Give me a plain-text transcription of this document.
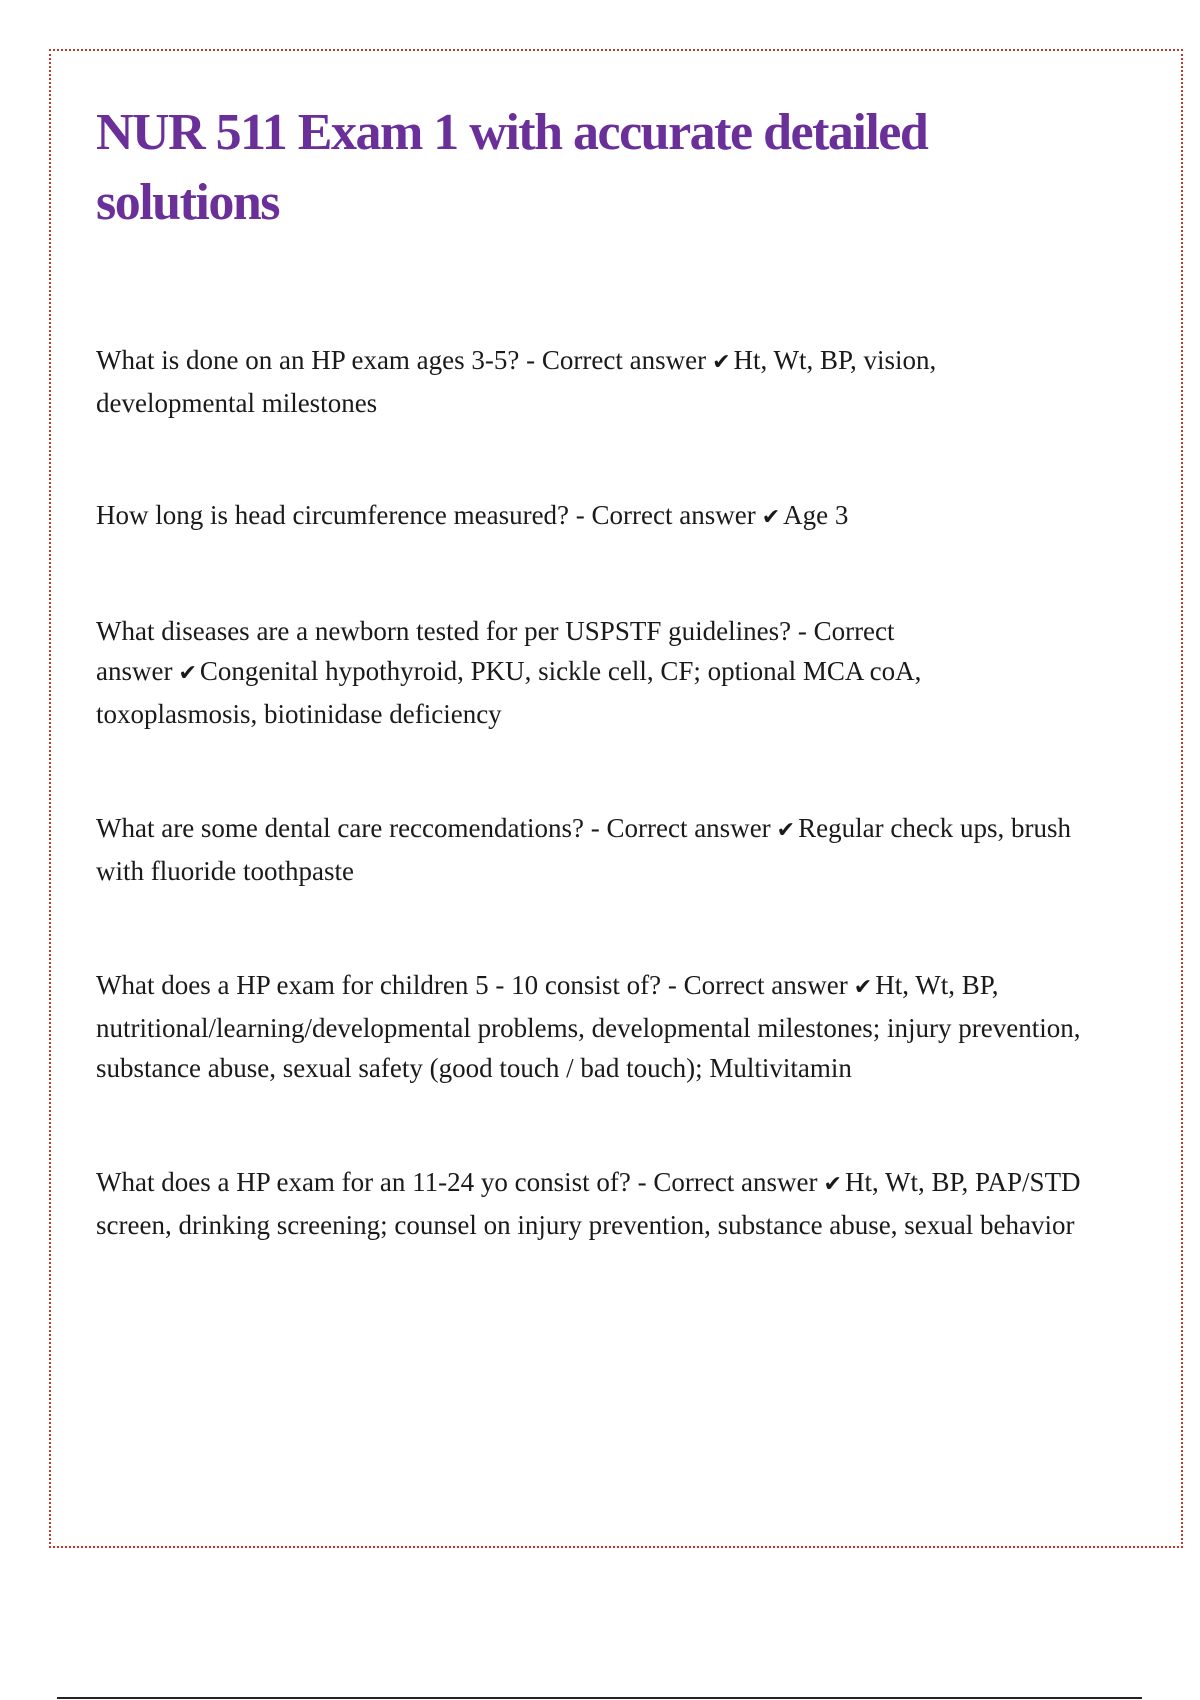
NUR 511 Exam 1 with accurate detailed solutions

What is done on an HP exam ages 3-5? - Correct answer ✔ Ht, Wt, BP, vision, developmental milestones

How long is head circumference measured? - Correct answer ✔ Age 3

What diseases are a newborn tested for per USPSTF guidelines? - Correct answer ✔ Congenital hypothyroid, PKU, sickle cell, CF; optional MCA coA, toxoplasmosis, biotinidase deficiency

What are some dental care reccomendations? - Correct answer ✔ Regular check ups, brush with fluoride toothpaste

What does a HP exam for children 5 - 10 consist of? - Correct answer ✔ Ht, Wt, BP, nutritional/learning/developmental problems, developmental milestones; injury prevention, substance abuse, sexual safety (good touch / bad touch); Multivitamin

What does a HP exam for an 11-24 yo consist of? - Correct answer ✔ Ht, Wt, BP, PAP/STD screen, drinking screening; counsel on injury prevention, substance abuse, sexual behavior
